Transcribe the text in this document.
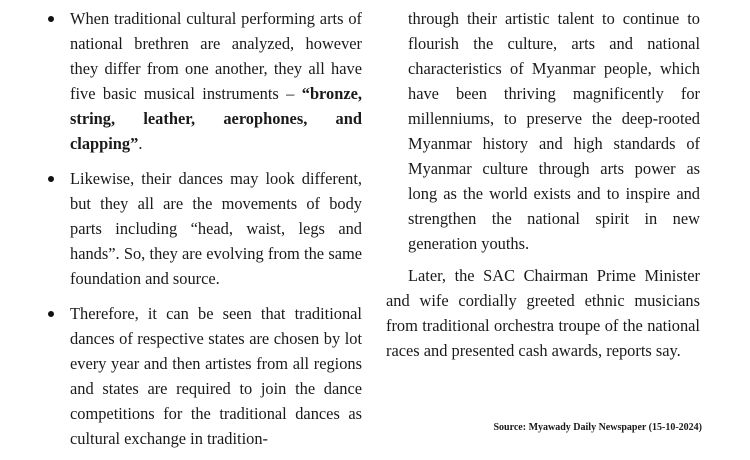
When traditional cultural performing arts of national brethren are analyzed, however they differ from one another, they all have five basic musical instruments – “bronze, string, leather, aerophones, and clapping”.

Likewise, their dances may look different, but they all are the movements of body parts including “head, waist, legs and hands”. So, they are evolving from the same foundation and source.

Therefore, it can be seen that traditional dances of respective states are chosen by lot every year and then artistes from all regions and states are required to join the dance competitions for the traditional dances as cultural exchange in tradition-

through their artistic talent to continue to flourish the culture, arts and national characteristics of Myanmar people, which have been thriving magnificently for millenniums, to preserve the deep-rooted Myanmar history and high standards of Myanmar culture through arts power as long as the world exists and to inspire and strengthen the national spirit in new generation youths.

Later, the SAC Chairman Prime Minister and wife cordially greeted ethnic musicians from traditional orchestra troupe of the national races and presented cash awards, reports say.

Source: Myawady Daily Newspaper (15-10-2024)
